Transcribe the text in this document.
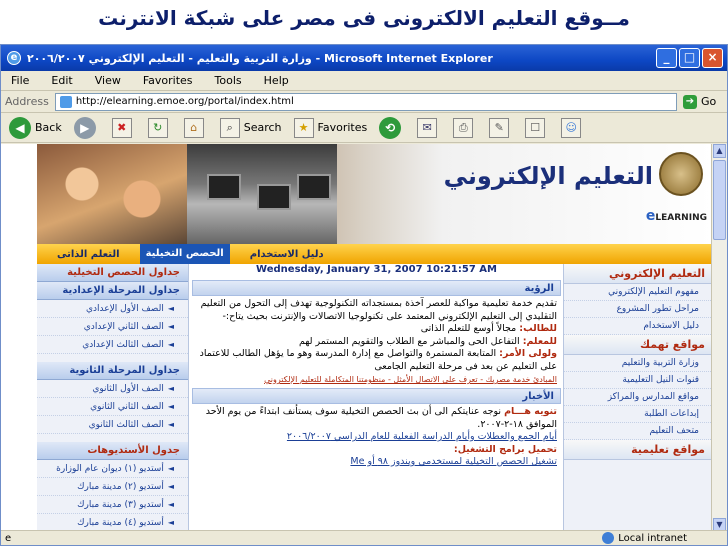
مــوقع التعليم الالكترونى فى مصر على شبكة الانترنت
e وزارة التربية والتعليم - التعليم الإلكتروني ٢٠٠٦/٢٠٠٧ - Microsoft Internet Explorer	_	□	×
File Edit View Favorites Tools Help
Address	http://elearning.emoe.org/portal/index.html	➔ Go
◀ Back	▶	✖	↻	⌂	⌕ Search	★ Favorites	⟲	✉	⎙	✎	☐	☺
التعليم الإلكتروني
eLEARNING
دليل الاستخدام
الحصص التخيلية
التعلم الذاتى
جداول الحصص التخيلية
جداول المرحلة الإعدادية
◄
الصف الأول الإعدادي
◄
الصف الثاني الإعدادي
◄
الصف الثالث الإعدادي
جداول المرحلة الثانوية
◄
الصف الأول الثانوي
◄
الصف الثاني الثانوي
◄
الصف الثالث الثانوي
جدول الأستديوهات
◄
أستديو (١) ديوان عام الوزارة
◄
أستديو (٢) مدينة مبارك
◄
أستديو (٣) مدينة مبارك
◄
أستديو (٤) مدينة مبارك
Wednesday, January 31, 2007 10:21:57 AM
الرؤية
تقديم خدمة تعليمية مواكبة للعصر آخذة بمستجداته التكنولوجية تهدف إلى التحول من التعليم التقليدي إلى التعليم الإلكتروني المعتمد على تكنولوجيا الاتصالات والإنترنت بحيث يتاح:-
للطالب: مجالاً أوسع للتعلم الذاتى
للمعلم: التفاعل الحى والمباشر مع الطلاب والتقويم المستمر لهم
ولولى الأمر: المتابعة المستمرة والتواصل مع إدارة المدرسة وهو ما يؤهل الطالب للاعتماد على التعليم عن بعد فى مرحلة التعليم الجامعى
المبادئ خدمة مصريك - تعرف على الاتصال الأمثل - منظومتنا المتكاملة للتعليم الإلكتروني
الأخبار
تنويه هـــام نوجه عنايتكم الى أن بث الحصص التخيلية سوف يستأنف ابتداءً من يوم الأحد الموافق ١٨-٢-٢٠٠٧.
أيام الجمع والعطلات وأيام الدراسة الفعلية للعام الدراسي ٢٠٠٦/٢٠٠٧
تحميل برامج التشغيل:
تشغيل الحصص التخيلية لمستخدمي ويندوز ٩٨ أو Me
التعليم الإلكتروني
مفهوم التعليم الإلكتروني
مراحل تطور المشروع
دليل الاستخدام
مواقع تهمك
وزارة التربية والتعليم
قنوات النيل التعليمية
مواقع المدارس والمراكز
إبداعات الطلبة
متحف التعليم
مواقع تعليمية
▲
▼
e	Local intranet
